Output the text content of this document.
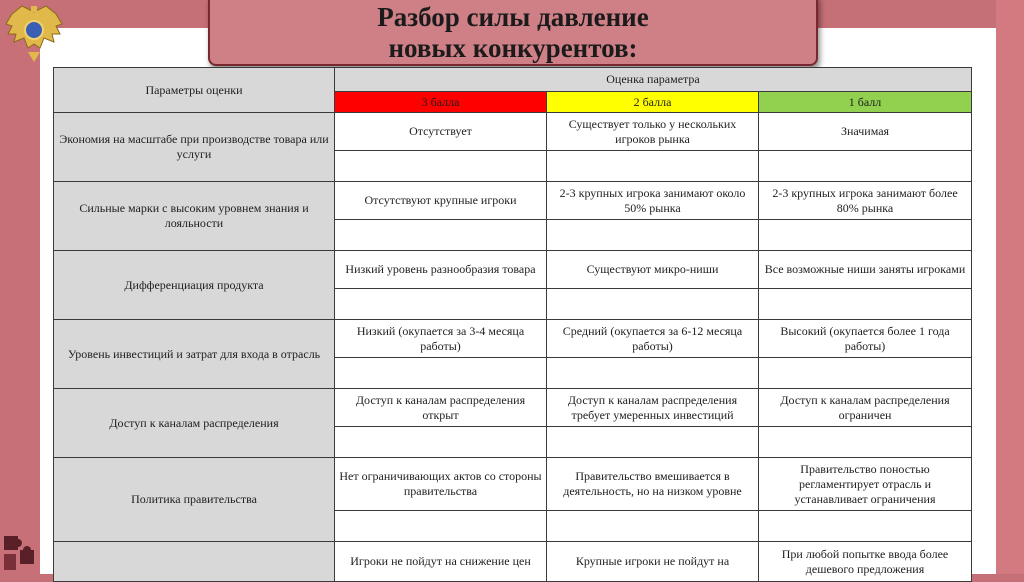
Разбор силы давление
новых конкурентов:
Параметры оценки	Оценка параметра		
	3 балла	2 балла	1 балл
Экономия на масштабе при производстве товара или услуги	Отсутствует	Существует только у нескольких игроков рынка	Значимая

Сильные марки с высоким уровнем знания и лояльности	Отсутствуют крупные игроки	2-3 крупных игрока занимают около 50% рынка	2-3 крупных игрока занимают более 80% рынка

Дифференциация продукта	Низкий уровень разнообразия товара	Существуют микро-ниши	Все возможные ниши заняты игроками

Уровень инвестиций и затрат для входа в отрасль	Низкий (окупается за 3-4 месяца работы)	Средний (окупается за 6-12 месяца работы)	Высокий (окупается более 1 года работы)

Доступ к каналам распределения	Доступ к каналам распределения открыт	Доступ к каналам распределения требует умеренных инвестиций	Доступ к каналам распределения ограничен

Политика правительства	Нет ограничивающих актов со стороны правительства	Правительство вмешивается в деятельность, но на низком уровне	Правительство поностью регламентирует отрасль и устанавливает ограничения

	Игроки не пойдут на снижение цен	Крупные игроки не пойдут на	При любой попытке ввода более дешевого предложения
